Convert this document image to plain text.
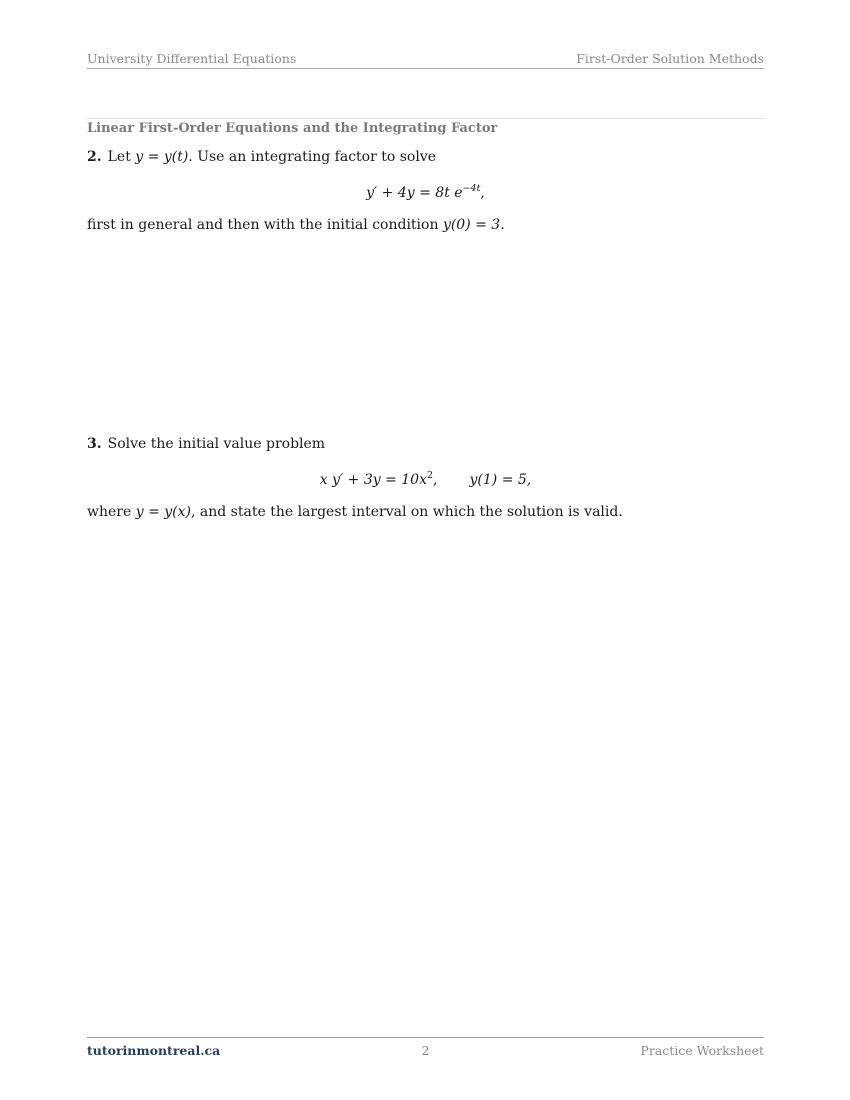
University Differential Equations	First-Order Solution Methods
Linear First-Order Equations and the Integrating Factor
2. Let y = y(t). Use an integrating factor to solve
y′ + 4y = 8t $e^{-4t}$,
first in general and then with the initial condition y(0) = 3.
3. Solve the initial value problem
x $y' + 3y = 10x^2$, y(1) = 5,
where y = y(x), and state the largest interval on which the solution is valid.
tutorinmontreal.ca	2	Practice Worksheet
